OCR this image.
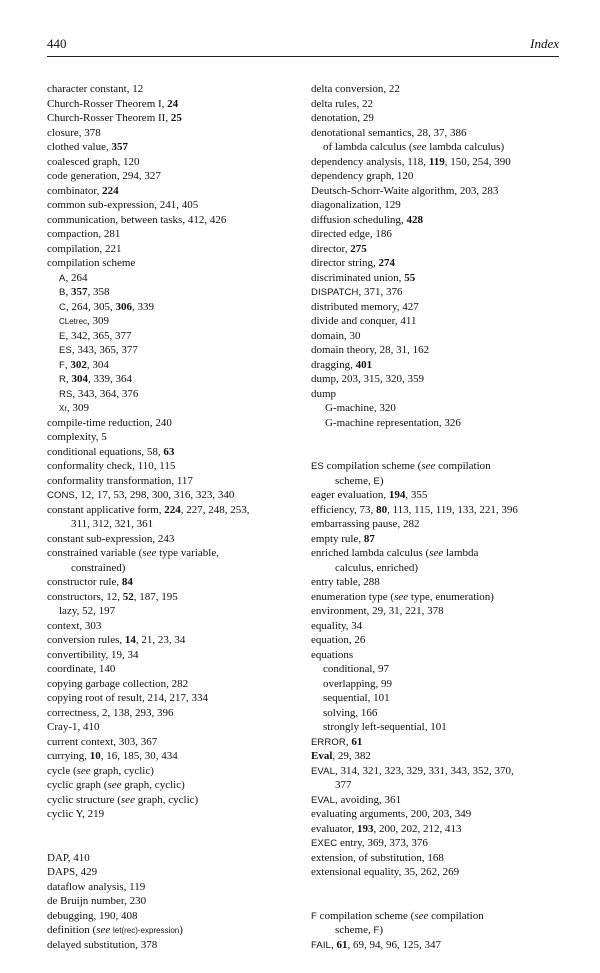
440	Index
character constant, 12
Church-Rosser Theorem I, 24
Church-Rosser Theorem II, 25
closure, 378
clothed value, 357
coalesced graph, 120
code generation, 294, 327
combinator, 224
common sub-expression, 241, 405
communication, between tasks, 412, 426
compaction, 281
compilation, 221
compilation scheme
A, 264
B, 357, 358
C, 264, 305, 306, 339
CLetrec, 309
E, 342, 365, 377
ES, 343, 365, 377
F, 302, 304
R, 304, 339, 364
RS, 343, 364, 376
Xr, 309
compile-time reduction, 240
complexity, 5
conditional equations, 58, 63
conformality check, 110, 115
conformality transformation, 117
CONS, 12, 17, 53, 298, 300, 316, 323, 340
constant applicative form, 224, 227, 248, 253,
311, 312, 321, 361
constant sub-expression, 243
constrained variable (see type variable,
constrained)
constructor rule, 84
constructors, 12, 52, 187, 195
lazy, 52, 197
context, 303
conversion rules, 14, 21, 23, 34
convertibility, 19, 34
coordinate, 140
copying garbage collection, 282
copying root of result, 214, 217, 334
correctness, 2, 138, 293, 396
Cray-1, 410
current context, 303, 367
currying, 10, 16, 185, 30, 434
cycle (see graph, cyclic)
cyclic graph (see graph, cyclic)
cyclic structure (see graph, cyclic)
cyclic Y, 219
DAP, 410
DAPS, 429
dataflow analysis, 119
de Bruijn number, 230
debugging, 190, 408
definition (see let(rec)-expression)
delayed substitution, 378
delta conversion, 22
delta rules, 22
denotation, 29
denotational semantics, 28, 37, 386
of lambda calculus (see lambda calculus)
dependency analysis, 118, 119, 150, 254, 390
dependency graph, 120
Deutsch-Schorr-Waite algorithm, 203, 283
diagonalization, 129
diffusion scheduling, 428
directed edge, 186
director, 275
director string, 274
discriminated union, 55
DISPATCH, 371, 376
distributed memory, 427
divide and conquer, 411
domain, 30
domain theory, 28, 31, 162
dragging, 401
dump, 203, 315, 320, 359
dump
G-machine, 320
G-machine representation, 326
ES compilation scheme (see compilation
scheme, E)
eager evaluation, 194, 355
efficiency, 73, 80, 113, 115, 119, 133, 221, 396
embarrassing pause, 282
empty rule, 87
enriched lambda calculus (see lambda
calculus, enriched)
entry table, 288
enumeration type (see type, enumeration)
environment, 29, 31, 221, 378
equality, 34
equation, 26
equations
conditional, 97
overlapping, 99
sequential, 101
solving, 166
strongly left-sequential, 101
ERROR, 61
Eval, 29, 382
EVAL, 314, 321, 323, 329, 331, 343, 352, 370,
377
EVAL, avoiding, 361
evaluating arguments, 200, 203, 349
evaluator, 193, 200, 202, 212, 413
EXEC entry, 369, 373, 376
extension, of substitution, 168
extensional equality, 35, 262, 269
F compilation scheme (see compilation
scheme, F)
FAIL, 61, 69, 94, 96, 125, 347
